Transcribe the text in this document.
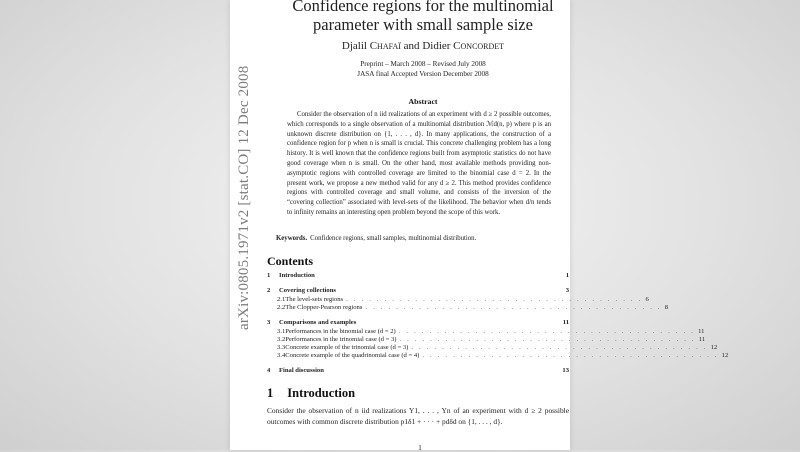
arXiv:0805.1971v2 [stat.CO] 12 Dec 2008
Confidence regions for the multinomial
parameter with small sample size
Djalil Chafaï and Didier Concordet
Preprint – March 2008 – Revised July 2008
JASA final Accepted Version December 2008
Abstract
Consider the observation of n iid realizations of an experiment with d ≥ 2 possible outcomes, which corresponds to a single observation of a multinomial distribution ℳd(n, p) where p is an unknown discrete distribution on {1, . . . , d}. In many applications, the construction of a confidence region for p when n is small is crucial. This concrete challenging problem has a long history. It is well known that the confidence regions built from asymptotic statistics do not have good coverage when n is small. On the other hand, most available methods providing non-asymptotic regions with controlled coverage are limited to the binomial case d = 2. In the present work, we propose a new method valid for any d ≥ 2. This method provides confidence regions with controlled coverage and small volume, and consists of the inversion of the “covering collection” associated with level-sets of the likelihood. The behavior when d/n tends to infinity remains an interesting open problem beyond the scope of this work.
Keywords. Confidence regions, small samples, multinomial distribution.
Contents
1	Introduction	1
2	Covering collections	3
2.1 The level-sets regions . . . . . . . . . . . . . . . . . . . . . . . . . . . . . . . . . . . . . . . 6
2.2 The Clopper-Pearson regions . . . . . . . . . . . . . . . . . . . . . . . . . . . . . . . . . . . . . . . 8
3	Comparisons and examples	11
3.1 Performances in the binomial case (d = 2) . . . . . . . . . . . . . . . . . . . . . . . . . . . . . . . . . . . . . . . 11
3.2 Performances in the trinomial case (d = 3) . . . . . . . . . . . . . . . . . . . . . . . . . . . . . . . . . . . . . . . 11
3.3 Concrete example of the trinomial case (d = 3) . . . . . . . . . . . . . . . . . . . . . . . . . . . . . . . . . . . . . . . 12
3.4 Concrete example of the quadrinomial case (d = 4) . . . . . . . . . . . . . . . . . . . . . . . . . . . . . . . . . . . . . . . 12
4	Final discussion	13
1 Introduction
Consider the observation of n iid realizations Y1, . . . , Yn of an experiment with d ≥ 2 possible outcomes with common discrete distribution p1δ1 + · · · + pdδd on {1, . . . , d}.
1
